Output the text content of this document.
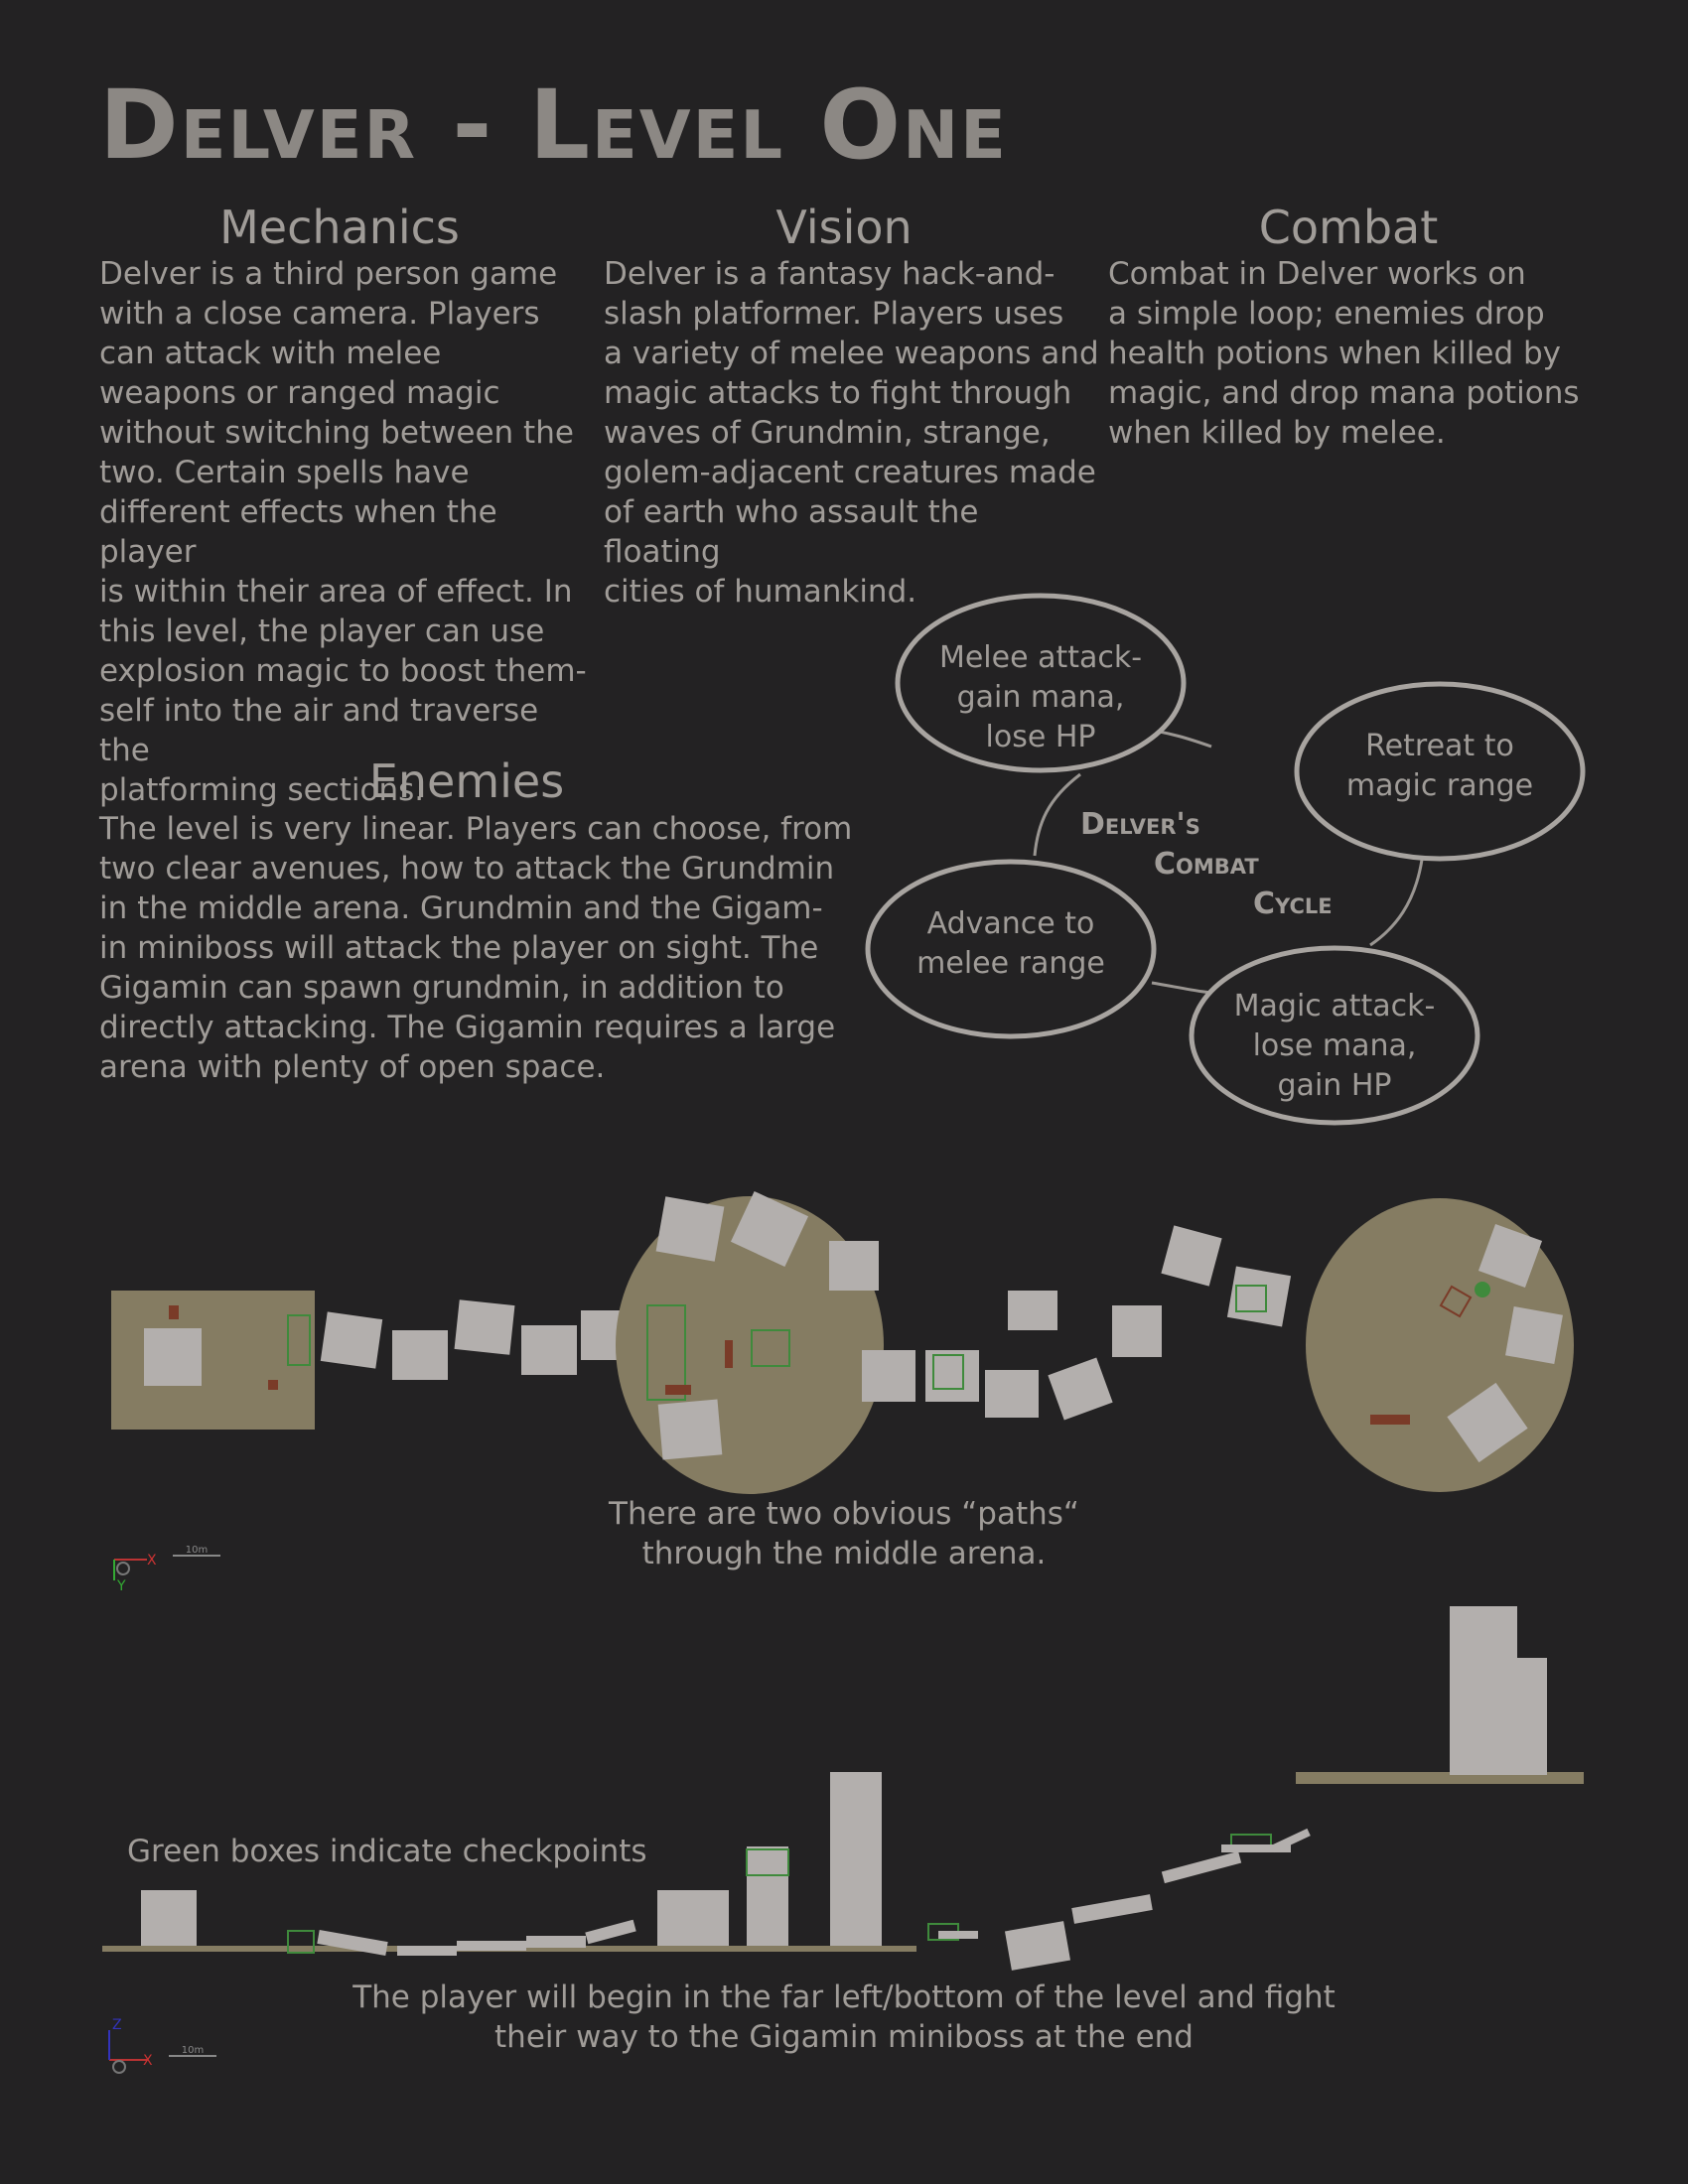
Delver - Level One
Mechanics
Delver is a third person game
with a close camera. Players
can attack with melee
weapons or ranged magic
without switching between the
two. Certain spells have
different effects when the player
is within their area of effect. In
this level, the player can use
explosion magic to boost them-
self into the air and traverse the
platforming sections.
Vision
Delver is a fantasy hack-and-
slash platformer. Players uses
a variety of melee weapons and
magic attacks to fight through
waves of Grundmin, strange,
golem-adjacent creatures made
of earth who assault the floating
cities of humankind.
Combat
Combat in Delver works on
a simple loop; enemies drop
health potions when killed by
magic, and drop mana potions
when killed by melee.
Enemies
The level is very linear. Players can choose, from
two clear avenues, how to attack the Grundmin
in the middle arena. Grundmin and the Gigam-
in miniboss will attack the player on sight. The
Gigamin can spawn grundmin, in addition to
directly attacking. The Gigamin requires a large
arena with plenty of open space.
Melee attack-
gain mana,
lose HP	Retreat to
magic range
Advance to
melee range
Magic attack-
lose mana,
gain HP
Delver's
Combat
Cycle
X
Y
10m
There are two obvious “paths“
through the middle arena.
X
Z
10m
Green boxes indicate checkpoints
The player will begin in the far left/bottom of the level and fight
their way to the Gigamin miniboss at the end
